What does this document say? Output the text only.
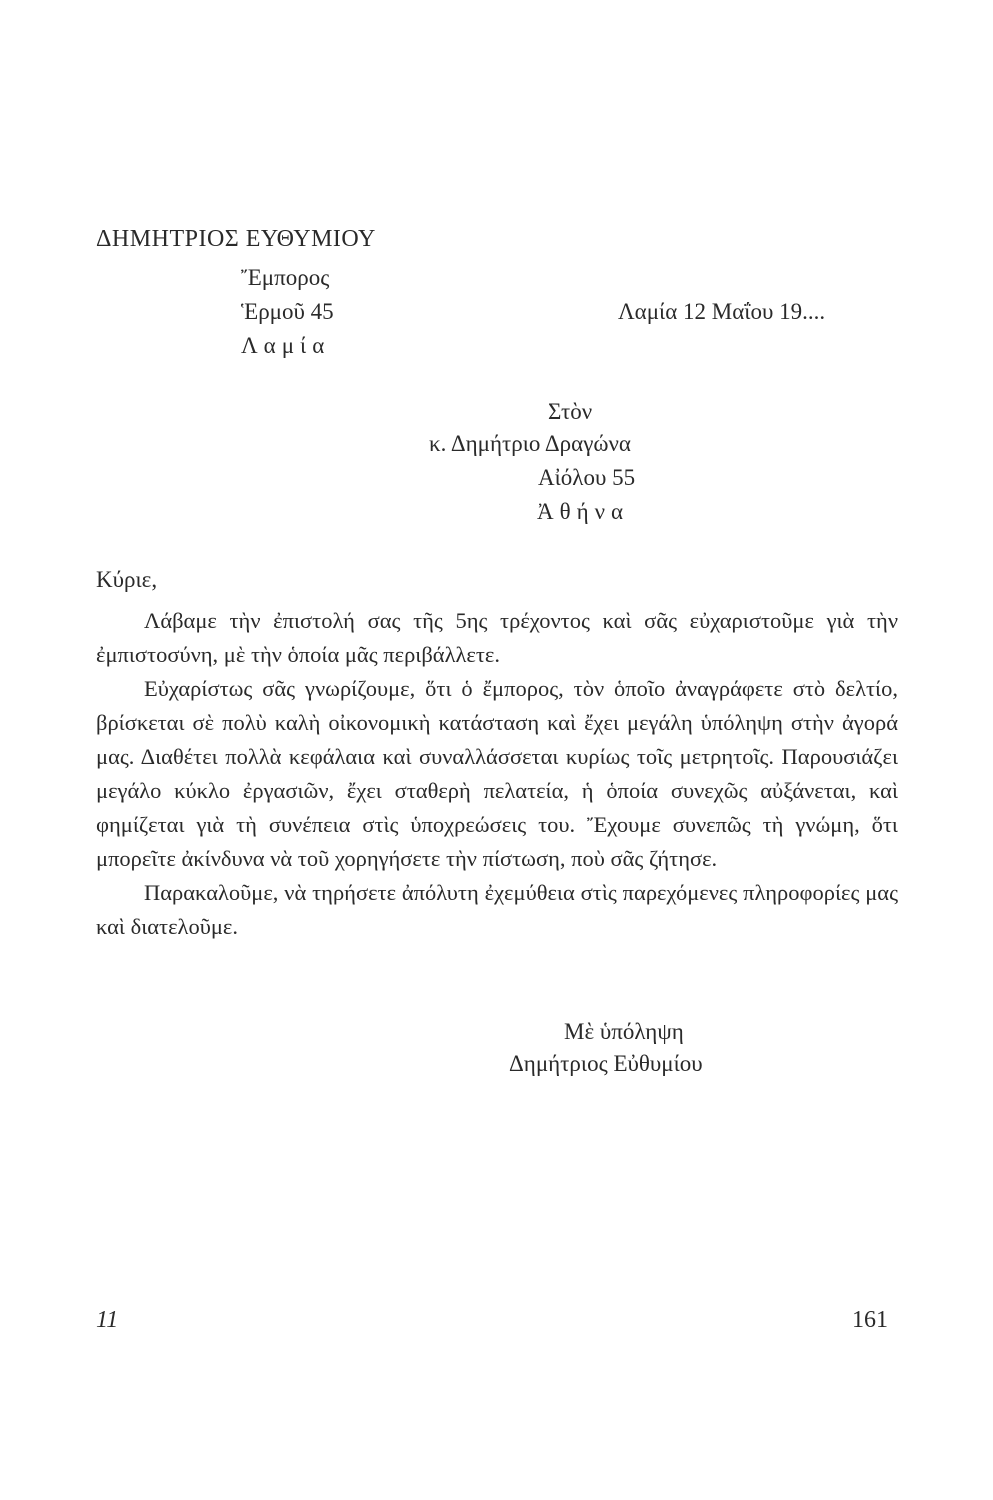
ΔΗΜΗΤΡΙΟΣ ΕΥΘΥΜΙΟΥ
Ἔμπορος
Ἑρμοῦ 45
Λαμία
Λαμία 12 Μαΐου 19....
Στὸν
κ. Δημήτριο Δραγώνα
Αἰόλου 55
Ἀθήνα
Κύριε,

Λάβαμε τὴν ἐπιστολή σας τῆς 5ης τρέχοντος καὶ σᾶς εὐχαριστοῦμε γιὰ τὴν ἐμπιστοσύνη, μὲ τὴν ὁποία μᾶς περιβάλλετε.

Εὐχαρίστως σᾶς γνωρίζουμε, ὅτι ὁ ἔμπορος, τὸν ὁποῖο ἀναγράφετε στὸ δελτίο, βρίσκεται σὲ πολὺ καλὴ οἰκονομικὴ κατάσταση καὶ ἔχει μεγάλη ὑπόληψη στὴν ἀγορά μας. Διαθέτει πολλὰ κεφάλαια καὶ συναλλάσσεται κυρίως τοῖς μετρητοῖς. Παρουσιάζει μεγάλο κύκλο ἐργασιῶν, ἔχει σταθερὴ πελατεία, ἡ ὁποία συνεχῶς αὐξάνεται, καὶ φημίζεται γιὰ τὴ συνέπεια στὶς ὑποχρεώσεις του. Ἔχουμε συνεπῶς τὴ γνώμη, ὅτι μπορεῖτε ἀκίνδυνα νὰ τοῦ χορηγήσετε τὴν πίστωση, ποὺ σᾶς ζήτησε.

Παρακαλοῦμε, νὰ τηρήσετε ἀπόλυτη ἐχεμύθεια στὶς παρεχόμενες πληροφορίες μας καὶ διατελοῦμε.

Μὲ ὑπόληψη
Δημήτριος Εὐθυμίου
11	161
